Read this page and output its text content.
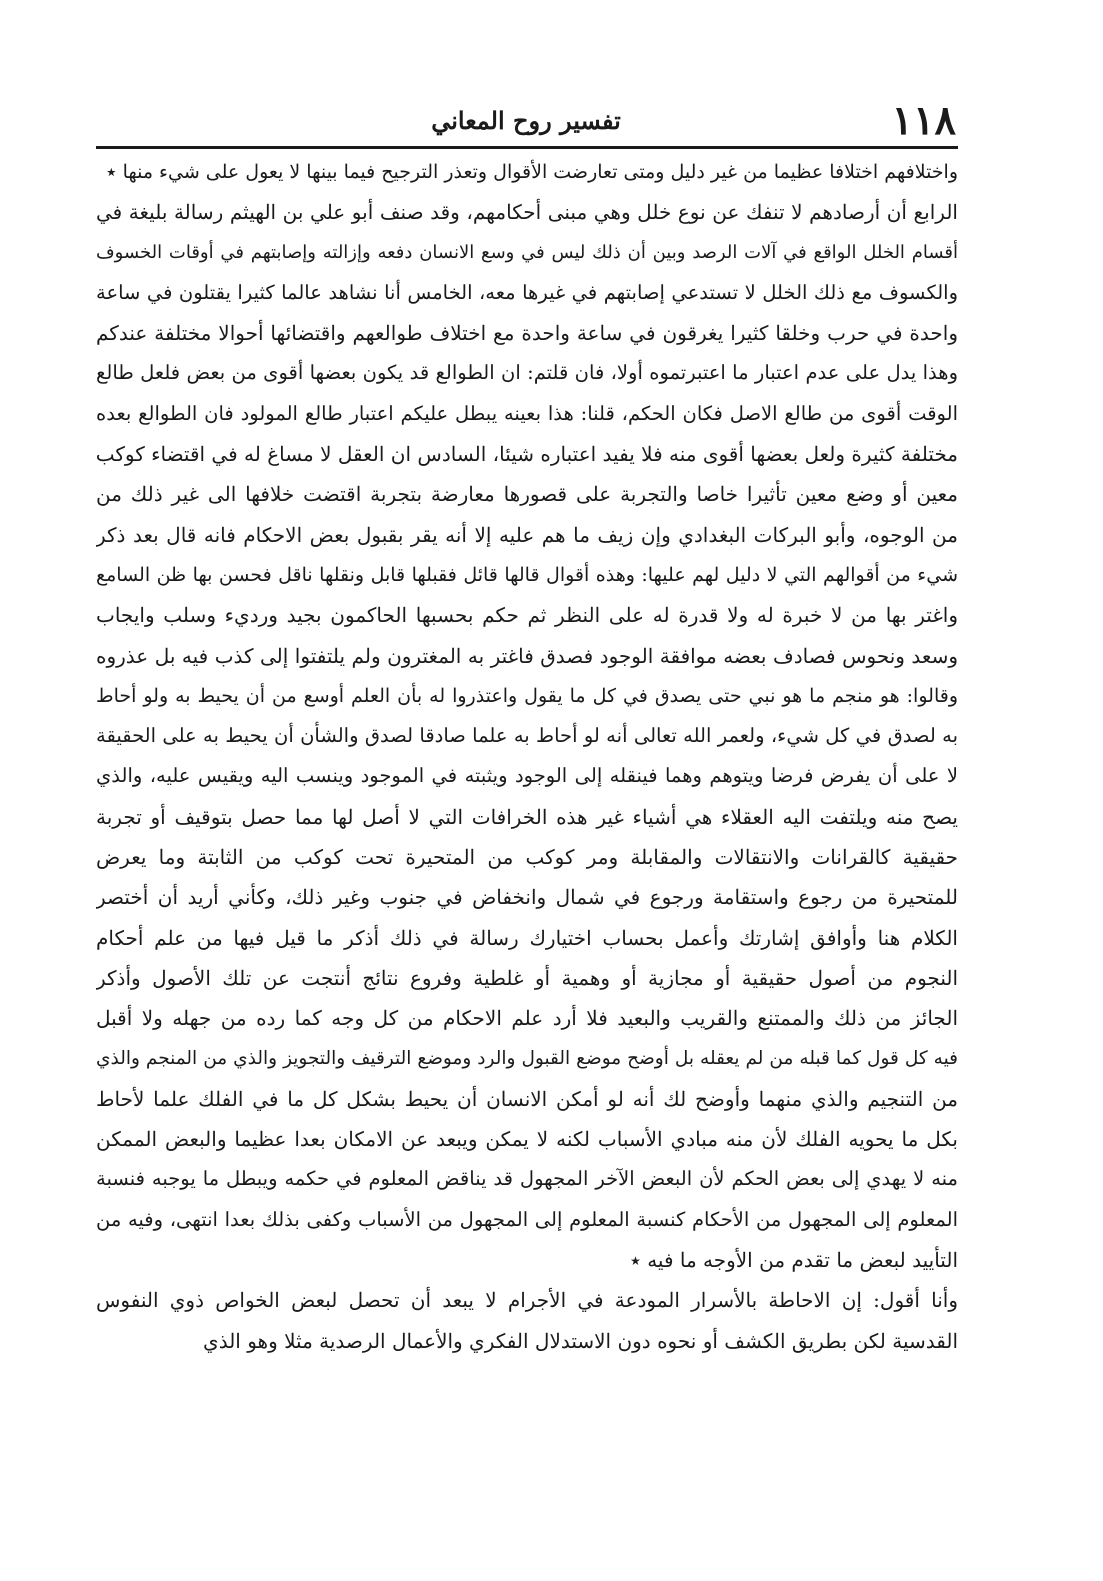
١١٨
تفسير روح المعاني
واختلافهم اختلافا عظيما من غير دليل ومتى تعارضت الأقوال وتعذر الترجيح فيما بينها لا يعول على شيء منها ٭
الرابع أن أرصادهم لا تنفك عن نوع خلل وهي مبنى أحكامهم، وقد صنف أبو علي بن الهيثم رسالة بليغة في
أقسام الخلل الواقع في آلات الرصد وبين أن ذلك ليس في وسع الانسان دفعه وإزالته وإصابتهم في أوقات الخسوف
والكسوف مع ذلك الخلل لا تستدعي إصابتهم في غيرها معه، الخامس أنا نشاهد عالما كثيرا يقتلون في ساعة
واحدة في حرب وخلقا كثيرا يغرقون في ساعة واحدة مع اختلاف طوالعهم واقتضائها أحوالا مختلفة عندكم
وهذا يدل على عدم اعتبار ما اعتبرتموه أولا، فان قلتم: ان الطوالع قد يكون بعضها أقوى من بعض فلعل طالع
الوقت أقوى من طالع الاصل فكان الحكم، قلنا: هذا بعينه يبطل عليكم اعتبار طالع المولود فان الطوالع بعده
مختلفة كثيرة ولعل بعضها أقوى منه فلا يفيد اعتباره شيئا، السادس ان العقل لا مساغ له في اقتضاء كوكب
معين أو وضع معين تأثيرا خاصا والتجربة على قصورها معارضة بتجربة اقتضت خلافها الى غير ذلك من
من الوجوه، وأبو البركات البغدادي وإن زيف ما هم عليه إلا أنه يقر بقبول بعض الاحكام فانه قال بعد ذكر
شيء من أقوالهم التي لا دليل لهم عليها: وهذه أقوال قالها قائل فقبلها قابل ونقلها ناقل فحسن بها ظن السامع
واغتر بها من لا خبرة له ولا قدرة له على النظر ثم حكم بحسبها الحاكمون بجيد ورديء وسلب وايجاب
وسعد ونحوس فصادف بعضه موافقة الوجود فصدق فاغتر به المغترون ولم يلتفتوا إلى كذب فيه بل عذروه
وقالوا: هو منجم ما هو نبي حتى يصدق في كل ما يقول واعتذروا له بأن العلم أوسع من أن يحيط به ولو أحاط
به لصدق في كل شيء، ولعمر الله تعالى أنه لو أحاط به علما صادقا لصدق والشأن أن يحيط به على الحقيقة
لا على أن يفرض فرضا ويتوهم وهما فينقله إلى الوجود ويثبته في الموجود وينسب اليه ويقيس عليه، والذي
يصح منه ويلتفت اليه العقلاء هي أشياء غير هذه الخرافات التي لا أصل لها مما حصل بتوقيف أو تجربة
حقيقية كالقرانات والانتقالات والمقابلة ومر كوكب من المتحيرة تحت كوكب من الثابتة وما يعرض
للمتحيرة من رجوع واستقامة ورجوع في شمال وانخفاض في جنوب وغير ذلك، وكأني أريد أن أختصر
الكلام هنا وأوافق إشارتك وأعمل بحساب اختيارك رسالة في ذلك أذكر ما قيل فيها من علم أحكام
النجوم من أصول حقيقية أو مجازية أو وهمية أو غلطية وفروع نتائج أنتجت عن تلك الأصول وأذكر
الجائز من ذلك والممتنع والقريب والبعيد فلا أرد علم الاحكام من كل وجه كما رده من جهله ولا أقبل
فيه كل قول كما قبله من لم يعقله بل أوضح موضع القبول والرد وموضع الترقيف والتجويز والذي من المنجم والذي
من التنجيم والذي منهما وأوضح لك أنه لو أمكن الانسان أن يحيط بشكل كل ما في الفلك علما لأحاط
بكل ما يحويه الفلك لأن منه مبادي الأسباب لكنه لا يمكن ويبعد عن الامكان بعدا عظيما والبعض الممكن
منه لا يهدي إلى بعض الحكم لأن البعض الآخر المجهول قد يناقض المعلوم في حكمه ويبطل ما يوجبه فنسبة
المعلوم إلى المجهول من الأحكام كنسبة المعلوم إلى المجهول من الأسباب وكفى بذلك بعدا انتهى، وفيه من
التأييد لبعض ما تقدم من الأوجه ما فيه ٭
وأنا أقول: إن الاحاطة بالأسرار المودعة في الأجرام لا يبعد أن تحصل لبعض الخواص ذوي النفوس
القدسية لكن بطريق الكشف أو نحوه دون الاستدلال الفكري والأعمال الرصدية مثلا وهو الذي
